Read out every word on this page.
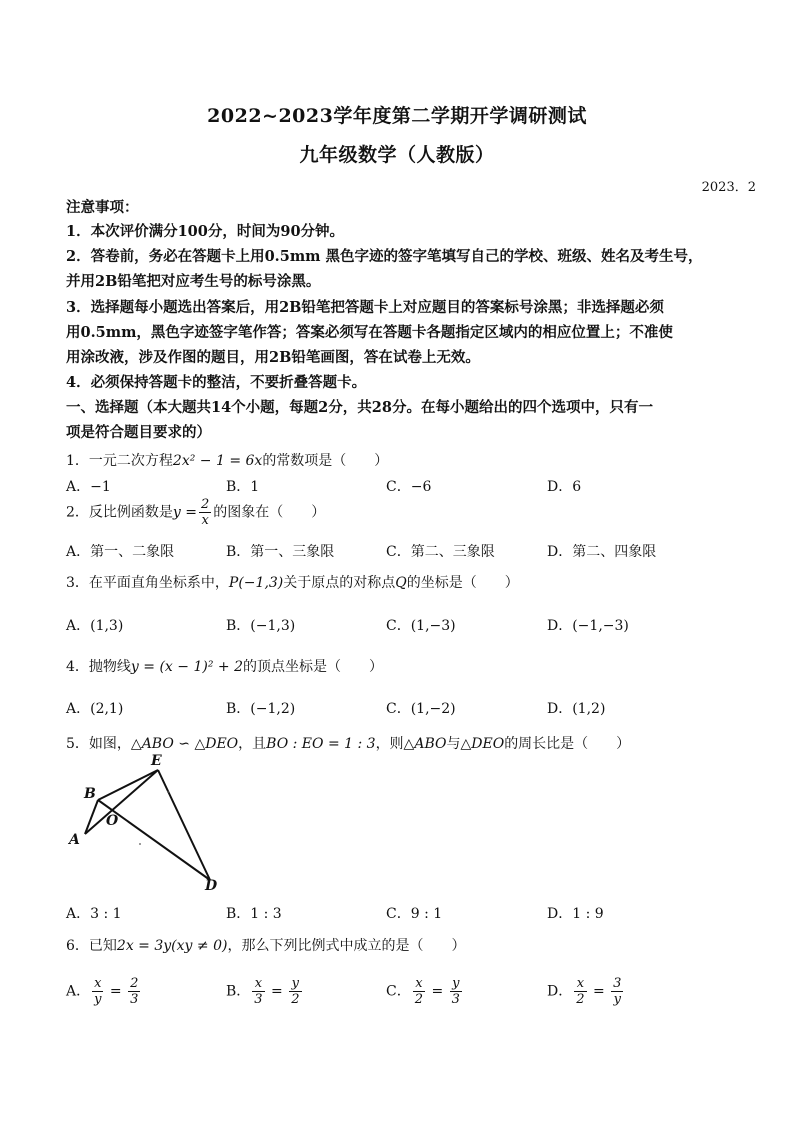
2022~2023学年度第二学期开学调研测试
九年级数学（人教版）
2023．2
注意事项：
1．本次评价满分100分，时间为90分钟。
2．答卷前，务必在答题卡上用0.5mm 黑色字迹的签字笔填写自己的学校、班级、姓名及考生号，
并用2B铅笔把对应考生号的标号涂黑。
3．选择题每小题选出答案后，用2B铅笔把答题卡上对应题目的答案标号涂黑；非选择题必须
用0.5mm，黑色字迹签字笔作答；答案必须写在答题卡各题指定区域内的相应位置上；不准使
用涂改液，涉及作图的题目，用2B铅笔画图，答在试卷上无效。
4．必须保持答题卡的整洁，不要折叠答题卡。
一、选择题（本大题共14个小题，每题2分，共28分。在每小题给出的四个选项中，只有一
项是符合题目要求的）
1．一元二次方程2x² − 1 = 6x的常数项是（　　）
A．−1	B．1	C．−6	D．6
2．反比例函数是$y = \frac{2}{x}$ 的图象在（　　）
A．第一、二象限	B．第一、三象限	C．第二、三象限	D．第二、四象限
3．在平面直角坐标系中，P(−1,3)关于原点的对称点Q的坐标是（　　）
A．(1,3)	B．(−1,3)	C．(1,−3)	D．(−1,−3)
4．抛物线y = (x − 1)² + 2的顶点坐标是（　　）
A．(2,1)	B．(−1,2)	C．(1,−2)	D．(1,2)
5．如图，△ABO ∽ △DEO，且BO : EO = 1 : 3，则△ABO与△DEO的周长比是（　　）
B
A
O
E
D
A．3 : 1	B．1 : 3	C．9 : 1	D．1 : 9
6．已知2x = 3y(xy ≠ 0)，那么下列比例式中成立的是（　　）
A． $\frac{x}{y} = \frac{2}{3}$	B． $\frac{x}{3} = \frac{y}{2}$	C． $\frac{x}{2} = \frac{y}{3}$	D． $\frac{x}{2} = \frac{3}{y}$
